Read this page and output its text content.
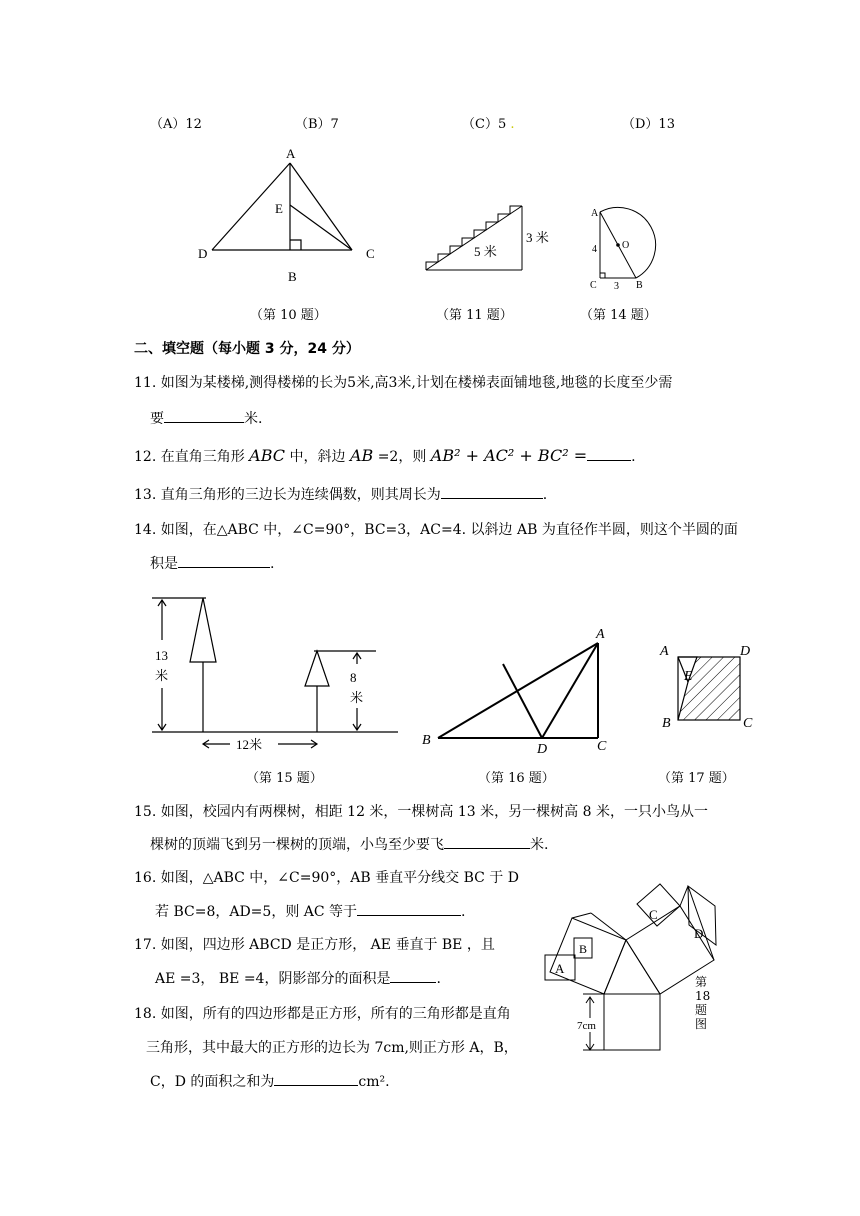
（A）12	（B）7	（C）5 .	（D）13
A
E
D	C
B
5 米
3 米
A
O
C	B
4
3
13
米	8
米
12米
A
B
D	C
A	D
E
B	C
A
B
C
D
7cm
（第 10 题）	（第 11 题）	（第 14 题）
（第 15 题）	（第 16 题）	（第 17 题）
第18题图
二、填空题（每小题 3 分，24 分）
11. 如图为某楼梯,测得楼梯的长为5米,高3米,计划在楼梯表面铺地毯,地毯的长度至少需
要	米.
12. 在直角三角形 ABC 中，斜边 AB =2，则 AB² + AC² + BC² =	.
13. 直角三角形的三边长为连续偶数，则其周长为	.
14. 如图，在△ABC 中，∠C=90°，BC=3，AC=4. 以斜边 AB 为直径作半圆，则这个半圆的面
积是	.
15. 如图，校园内有两棵树，相距 12 米，一棵树高 13 米，另一棵树高 8 米，一只小鸟从一
棵树的顶端飞到另一棵树的顶端，小鸟至少要飞	米.
16. 如图，△ABC 中，∠C=90°，AB 垂直平分线交 BC 于 D
若 BC=8，AD=5，则 AC 等于	.
17. 如图，四边形 ABCD 是正方形， AE 垂直于 BE ，且
AE =3， BE =4，阴影部分的面积是	.
18. 如图，所有的四边形都是正方形，所有的三角形都是直角
三角形，其中最大的正方形的边长为 7cm,则正方形 A，B，
C，D 的面积之和为	cm².
